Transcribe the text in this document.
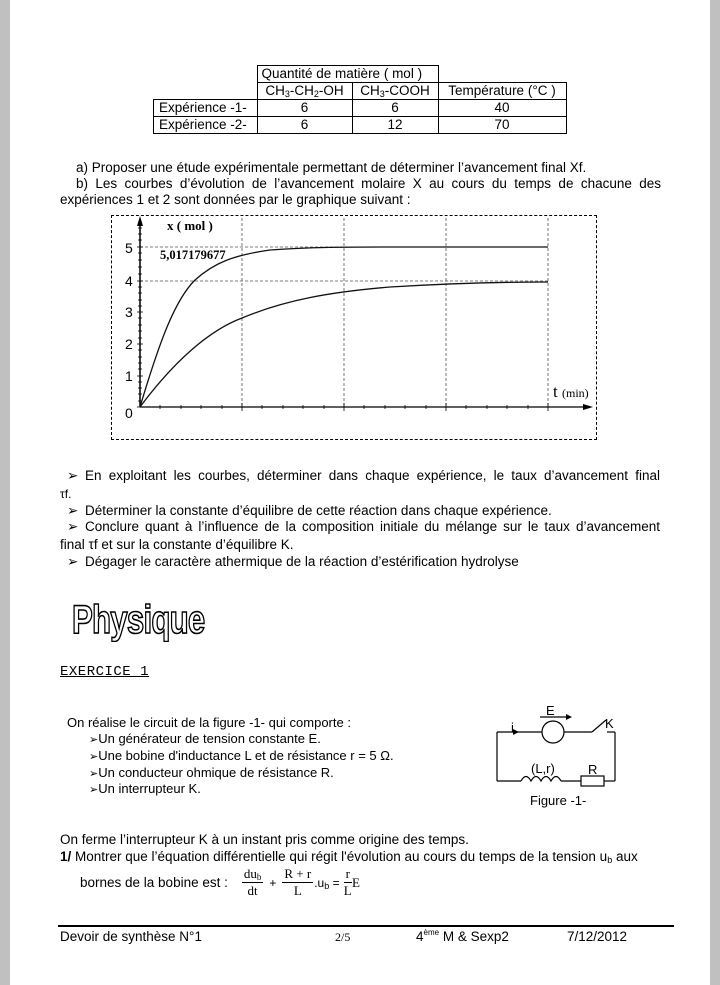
	Quantité de matière ( mol )		
	$CH_3-CH_2-OH$	$CH_3$-COOH	Température (°C )
Expérience -1-	6	6	40
Expérience -2-	6	12	70
a) Proposer une étude expérimentale permettant de déterminer l’avancement final Xf.
b) Les courbes d’évolution de l’avancement molaire X au cours du temps de chacune des
expériences 1 et 2 sont données par le graphique suivant :
x ( mol )
5,017179677
5
4
3
2
1
0
t (min)
➢ En exploitant les courbes, déterminer dans chaque expérience, le taux d’avancement final
τf.
➢ Déterminer la constante d’équilibre de cette réaction dans chaque expérience.
➢ Conclure quant à l’influence de la composition initiale du mélange sur le taux d’avancement
final τf et sur la constante d’équilibre K.
➢ Dégager le caractère athermique de la réaction d’estérification hydrolyse
Physique
EXERCICE 1
On réalise le circuit de la figure -1- qui comporte :
➢Un générateur de tension constante E.
➢Une bobine d'inductance L et de résistance r = 5 Ω.
➢Un conducteur ohmique de résistance R.
➢Un interrupteur K.
i
E
K
(L,r)	R
Figure -1-
On ferme l’interrupteur K à un instant pris comme origine des temps.
1/ Montrer que l’équation différentielle qui régit l'évolution au cours du temps de la tension $u_b$ aux
bornes de la bobine est : $\frac{du_b}{dt} + \frac{R + r}{L} .u_b = \frac{r}{L}$ E
Devoir de synthèse N°1	2/5	4ème M & Sexp2	7/12/2012
